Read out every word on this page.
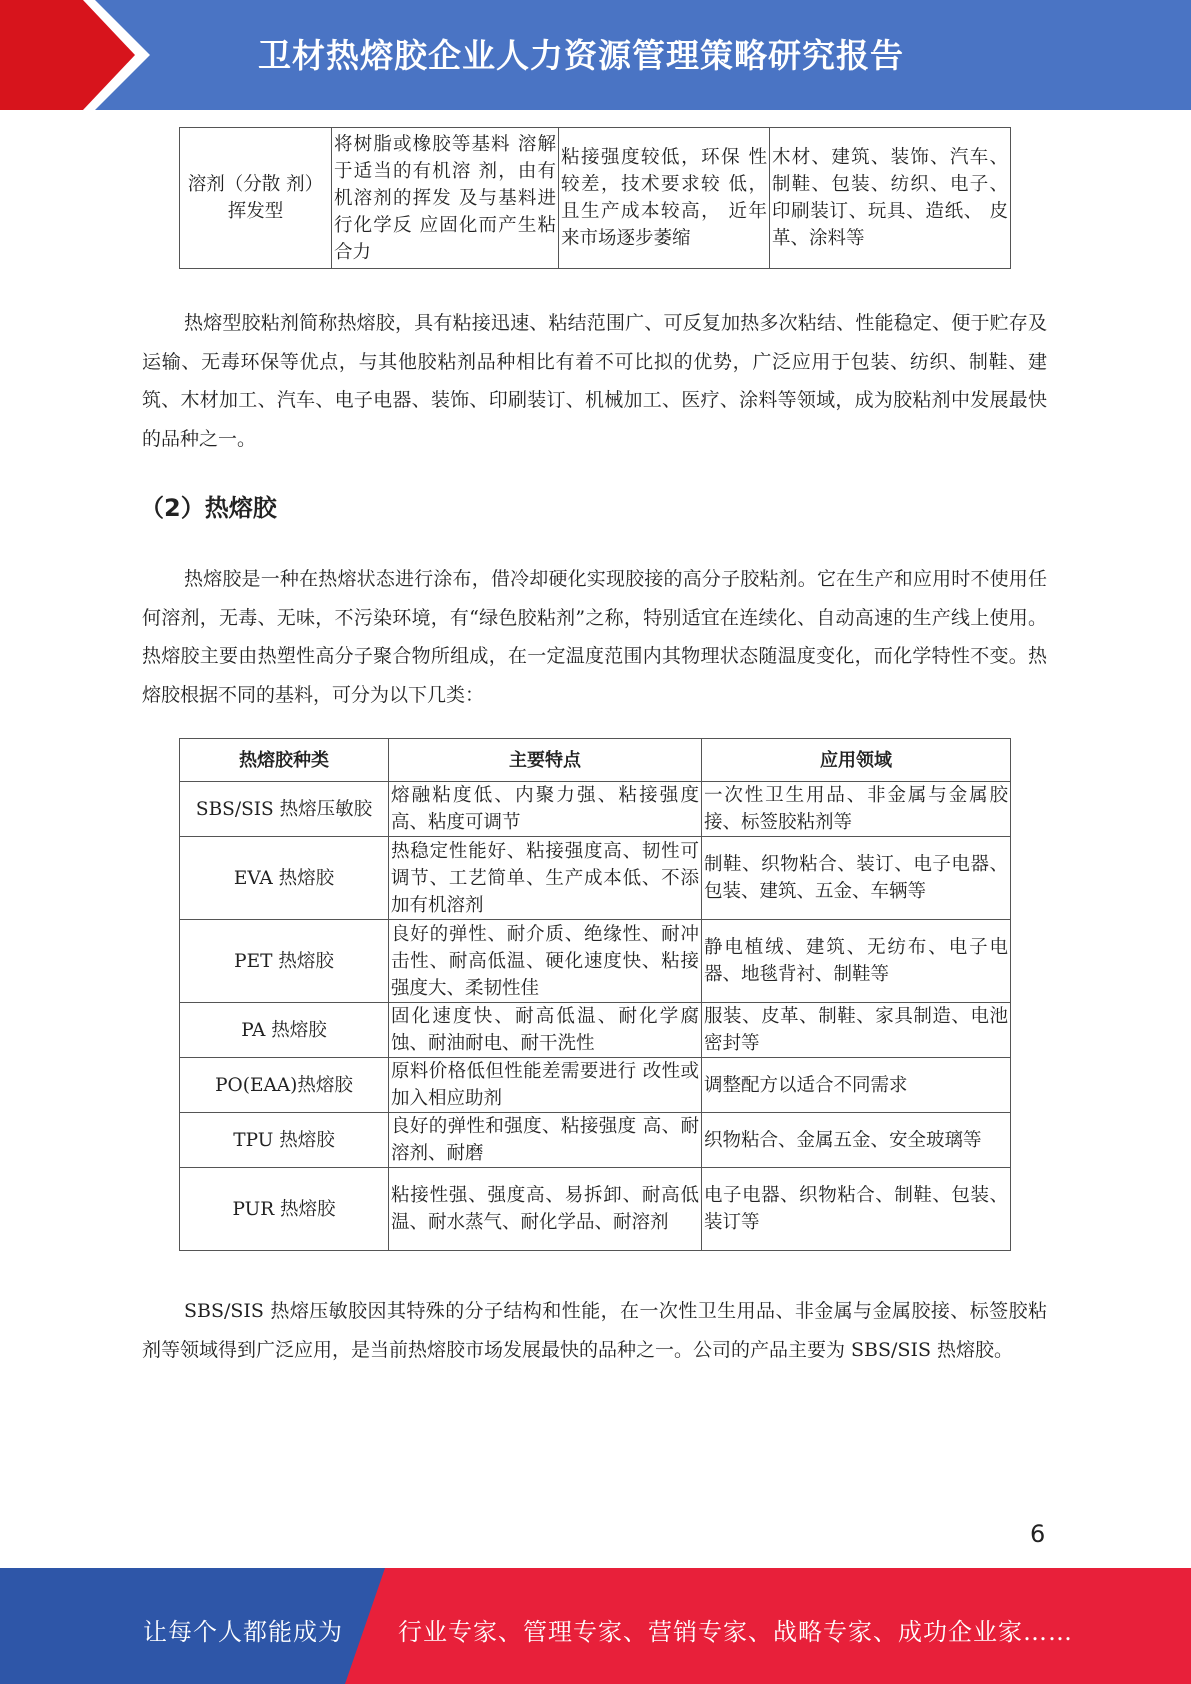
卫材热熔胶企业人力资源管理策略研究报告
溶剂（分散 剂）挥发型	将树脂或橡胶等基料 溶解于适当的有机溶 剂，由有机溶剂的挥发 及与基料进行化学反 应固化而产生粘合力	粘接强度较低，环保 性较差，技术要求较 低，且生产成本较高， 近年来市场逐步萎缩	木材、建筑、装饰、汽车、 制鞋、包装、纺织、电子、 印刷装订、玩具、造纸、 皮革、涂料等

热熔型胶粘剂简称热熔胶，具有粘接迅速、粘结范围广、可反复加热多次粘结、性能稳定、便于贮存及运输、无毒环保等优点，与其他胶粘剂品种相比有着不可比拟的优势，广泛应用于包装、纺织、制鞋、建筑、木材加工、汽车、电子电器、装饰、印刷装订、机械加工、医疗、涂料等领域，成为胶粘剂中发展最快的品种之一。

（2）热熔胶

热熔胶是一种在热熔状态进行涂布，借冷却硬化实现胶接的高分子胶粘剂。它在生产和应用时不使用任何溶剂，无毒、无味，不污染环境，有“绿色胶粘剂”之称，特别适宜在连续化、自动高速的生产线上使用。热熔胶主要由热塑性高分子聚合物所组成，在一定温度范围内其物理状态随温度变化，而化学特性不变。热熔胶根据不同的基料，可分为以下几类：

热熔胶种类	主要特点	应用领域
SBS/SIS 热熔压敏胶	熔融粘度低、内聚力强、粘接强度高、粘度可调节	一次性卫生用品、非金属与金属胶接、标签胶粘剂等
EVA 热熔胶	热稳定性能好、粘接强度高、韧性可调节、工艺简单、生产成本低、不添加有机溶剂	制鞋、织物粘合、装订、电子电器、包装、建筑、五金、车辆等
PET 热熔胶	良好的弹性、耐介质、绝缘性、耐冲击性、耐高低温、硬化速度快、粘接强度大、柔韧性佳	静电植绒、建筑、无纺布、电子电器、地毯背衬、制鞋等
PA 热熔胶	固化速度快、耐高低温、耐化学腐蚀、耐油耐电、耐干洗性	服装、皮革、制鞋、家具制造、电池密封等
PO(EAA)热熔胶	原料价格低但性能差需要进行 改性或加入相应助剂	调整配方以适合不同需求
TPU 热熔胶	良好的弹性和强度、粘接强度 高、耐溶剂、耐磨	织物粘合、金属五金、安全玻璃等
PUR 热熔胶	粘接性强、强度高、易拆卸、耐高低温、耐水蒸气、耐化学品、耐溶剂	电子电器、织物粘合、制鞋、包装、装订等

SBS/SIS 热熔压敏胶因其特殊的分子结构和性能，在一次性卫生用品、非金属与金属胶接、标签胶粘剂等领域得到广泛应用，是当前热熔胶市场发展最快的品种之一。公司的产品主要为 SBS/SIS 热熔胶。

6
让每个人都能成为 行业专家、管理专家、营销专家、战略专家、成功企业家……
